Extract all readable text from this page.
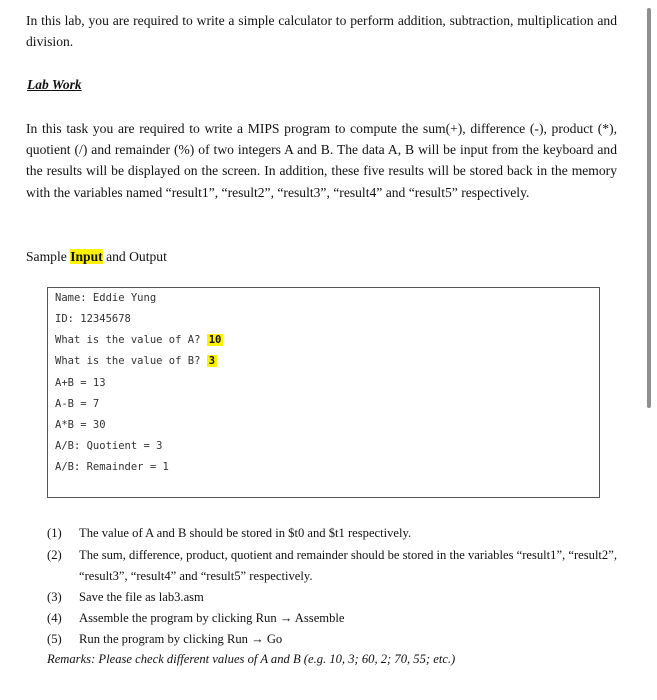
In this lab, you are required to write a simple calculator to perform addition, subtraction, multiplication and division.

Lab Work

In this task you are required to write a MIPS program to compute the sum(+), difference (-), product (*), quotient (/) and remainder (%) of two integers A and B. The data A, B will be input from the keyboard and the results will be displayed on the screen. In addition, these five results will be stored back in the memory with the variables named “result1”, “result2”, “result3”, “result4” and “result5” respectively.

Sample Input and Output

Name: Eddie Yung
ID: 12345678
What is the value of A? 10
What is the value of B? 3
A+B = 13
A-B = 7
A*B = 30
A/B: Quotient = 3
A/B: Remainder = 1
(1) The value of A and B should be stored in $t0 and $t1 respectively.
(2) The sum, difference, product, quotient and remainder should be stored in the variables “result1”, “result2”, “result3”, “result4” and “result5” respectively.
(3) Save the file as lab3.asm
(4) Assemble the program by clicking Run → Assemble
(5) Run the program by clicking Run → Go
Remarks: Please check different values of A and B (e.g. 10, 3; 60, 2; 70, 55; etc.)
